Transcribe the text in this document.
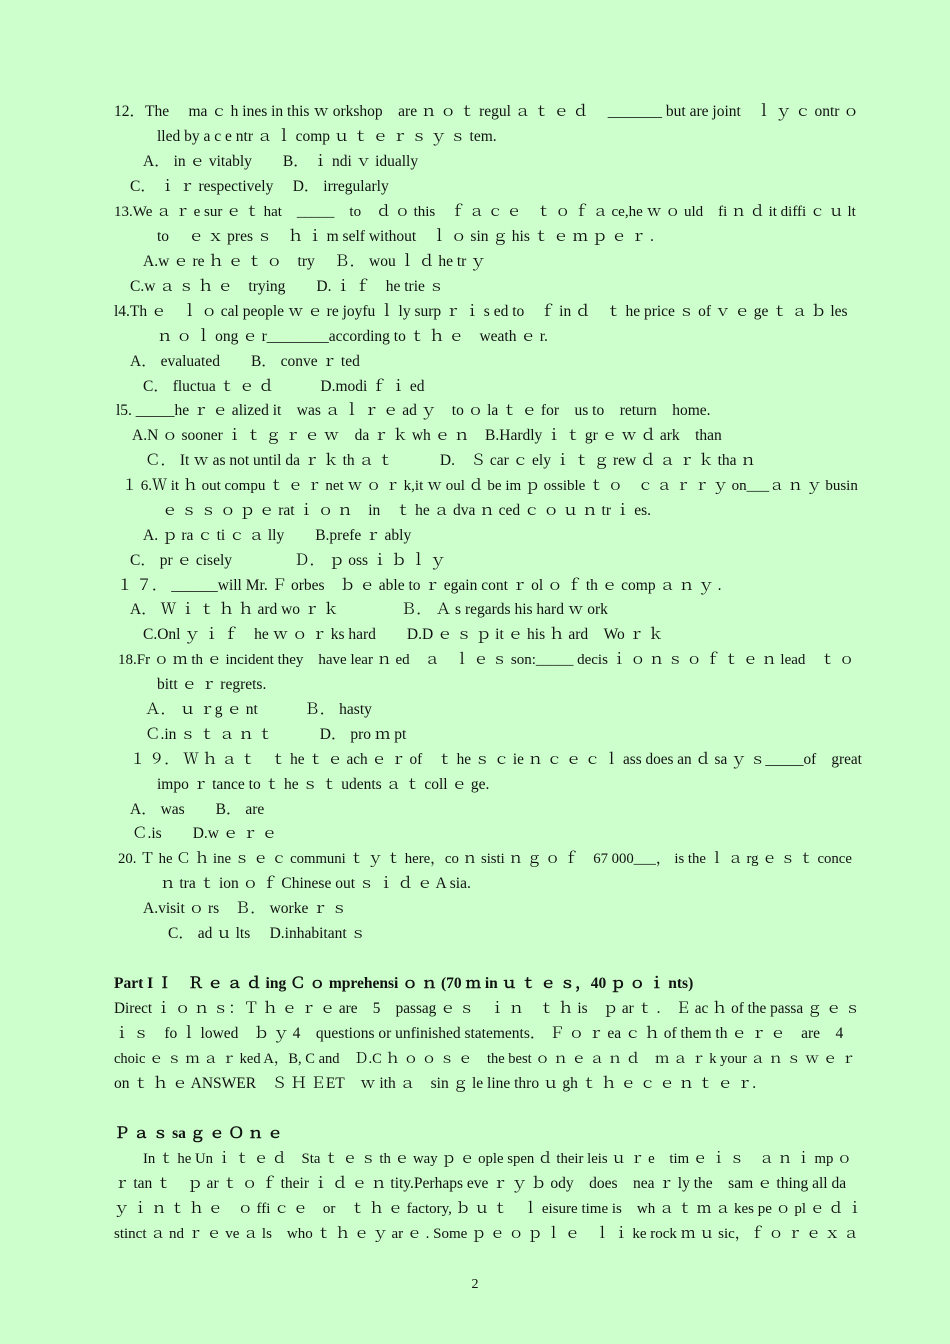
12．The　 ma ｃ h ines in this ｗ orkshop　are ｎ ｏ ｔ regul ａ ｔ ｅ ｄ　 _______ but are joint　ｌ ｙ ｃ ontr ｏ
lled by a c e ntr ａ ｌ comp ｕ ｔ ｅ ｒ ｓ ｙ ｓ tem.
A． in ｅ vitably　　B． ｉ ndi ｖ idually
C． ｉ ｒ respectively　 D． irregularly
13.We ａ ｒ e sur ｅ ｔ hat　_____　to　ｄ ｏ this　ｆ ａ ｃ ｅ　ｔ ｏ ｆ ａ ce,he ｗ ｏ uld　fi ｎ ｄ it diffi ｃ ｕ lt
to　 ｅ ｘ pres ｓ　ｈ ｉ m self without　ｌ ｏ sin ｇ his ｔ ｅ ｍ ｐ ｅ ｒ .
A.w ｅ re ｈ ｅ ｔ ｏ　try　 Ｂ． wou ｌ ｄ he tr ｙ
C.w ａ ｓ ｈ ｅ　trying　　D. ｉ ｆ　he trie ｓ
l4.Th ｅ　ｌ ｏ cal people ｗ ｅ re joyfu ｌ ly surp ｒ ｉ s ed to　ｆ in ｄ　ｔ he price ｓ of ｖ ｅ ge ｔ ａ ｂ les
ｎ ｏ ｌ ong ｅ r________according to ｔ ｈ ｅ　weath ｅ r.
A． evaluated　　B． conve ｒ ted
C． fluctua ｔ ｅ ｄ　　　D.modi ｆ ｉ ed
l5. _____he ｒ ｅ alized it　was ａ ｌ ｒ ｅ ad ｙ　to ｏ la ｔ ｅ for　us to　return　home.
A.N ｏ sooner ｉ ｔ ｇ ｒ ｅ ｗ　da ｒ ｋ wh ｅ ｎ　B.Hardly ｉ ｔ gr ｅ ｗ ｄ ark　than
Ｃ． It ｗ as not until da ｒ ｋ th ａ ｔ　　　D.　Ｓ car ｃ ely ｉ ｔ ｇ rew ｄ ａ ｒ ｋ tha ｎ
１ 6.Ｗ it ｈ out compu ｔ ｅ ｒ net ｗ ｏ ｒ k,it ｗ oul ｄ be im ｐ ossible ｔ ｏ　ｃ ａ ｒ ｒ ｙ on___ａ ｎ ｙ busin
ｅ ｓ ｓ ｏ ｐ ｅ rat ｉ ｏ ｎ　in　ｔ he ａ dva ｎ ced ｃ ｏ ｕ ｎ tr ｉ es.
A. ｐ ra ｃ ti ｃ ａ lly　　B.prefe ｒ ably
C． pr ｅ cisely　　　　Ｄ． ｐ oss ｉ ｂ ｌ ｙ
１ ７． ______will Mr. Ｆ orbes　ｂ ｅ able to ｒ egain cont ｒ ol ｏ ｆ th ｅ comp ａ ｎ ｙ .
A． Ｗ ｉ ｔ ｈ ｈ ard wo ｒ ｋ　　　　Ｂ． Ａ s regards his hard ｗ ork
C.Onl ｙ ｉ ｆ　he ｗ ｏ ｒ ks hard　　D.D ｅ ｓ ｐ it ｅ his ｈ ard　Wo ｒ ｋ
18.Fr ｏ ｍ th ｅ incident they　have lear ｎ ed　ａ　ｌ ｅ ｓ son:_____ decis ｉ ｏ ｎ ｓ ｏ ｆ ｔ ｅ ｎ lead　ｔ ｏ
bitt ｅ ｒ regrets.
Ａ． ｕ ｒg ｅ nt　　　Ｂ． hasty
Ｃ.in ｓ ｔ ａ ｎ ｔ　　　D． pro ｍ pt
１ ９． Ｗ ｈ ａ ｔ　ｔ he ｔ ｅ ach ｅ ｒ of　ｔ he ｓ ｃ ie ｎ ｃ ｅ ｃ ｌ ass does an ｄ sa ｙ ｓ_____of　great
impo ｒ tance to ｔ he ｓ ｔ udents ａ ｔ coll ｅ ge.
A． was　　B． are
Ｃ.is　　D.w ｅ ｒ ｅ
20. Ｔ he Ｃ ｈ ine ｓ ｅ ｃ communi ｔ ｙ ｔ here，co ｎ sisti ｎ ｇ ｏ ｆ　67 000___， is the ｌ ａ rg ｅ ｓ ｔ conce
ｎ tra ｔ ion ｏ ｆ Chinese out ｓ ｉ ｄ ｅ A sia.
A.visit ｏ rs　Ｂ． worke ｒ ｓ
C． ad ｕ lts　 D.inhabitant ｓ
Part I Ｉ　Ｒ ｅ ａ ｄ ing Ｃ ｏ mprehensi ｏ ｎ (70 ｍ in ｕ ｔ ｅ ｓ，40 ｐ ｏ ｉ nts)
Direct ｉ ｏ ｎ ｓ：Ｔ ｈ ｅ ｒ ｅ are　5　passag ｅ ｓ　ｉ ｎ　ｔ ｈ is　ｐ ar ｔ .　Ｅ ac ｈ of the passa ｇ ｅ ｓ
ｉ ｓ　fo ｌ lowed　ｂ ｙ 4　questions or unfinished statements． Ｆ ｏ ｒ ea ｃ ｈ of them th ｅ ｒ ｅ　are　4
choic ｅ ｓ ｍ ａ ｒ ked A，B, C and　Ｄ.C ｈ ｏ ｏ ｓ ｅ　the best ｏ ｎ ｅ ａ ｎ ｄ　ｍ ａ ｒ k your ａ ｎ ｓ ｗ ｅ ｒ
on ｔ ｈ ｅ ANSWER　Ｓ Ｈ ＥET　ｗ ith ａ　sin ｇ le line thro ｕ gh ｔ ｈ ｅ ｃ ｅ ｎ ｔ ｅ ｒ.
Ｐ ａ ｓ sa ｇ ｅ Ｏ ｎ ｅ
In ｔ he Un ｉ ｔ ｅ ｄ　Sta ｔ ｅ ｓ th ｅ way ｐ ｅ ople spen ｄ their leis ｕ ｒ e　tim ｅ ｉ ｓ　ａ ｎ ｉ mp ｏ
ｒ tan ｔ　ｐ ar ｔ ｏ ｆ their ｉ ｄ ｅ ｎ tity.Perhaps eve ｒ ｙ ｂ ody　does　nea ｒ ly the　sam ｅ thing all da
ｙ ｉ ｎ ｔ ｈ ｅ　ｏ ffi ｃ ｅ　or　ｔ ｈ ｅ factory, ｂ ｕ ｔ　ｌ eisure time is　wh ａ ｔ ｍ ａ kes pe ｏ pl ｅ ｄ ｉ
stinct ａ nd ｒ ｅ ve ａ ls　who ｔ ｈ ｅ ｙ ar ｅ . Some ｐ ｅ ｏ ｐ ｌ ｅ　ｌ ｉ ke rock ｍ ｕ sic，ｆ ｏ ｒ ｅ ｘ ａ
2
